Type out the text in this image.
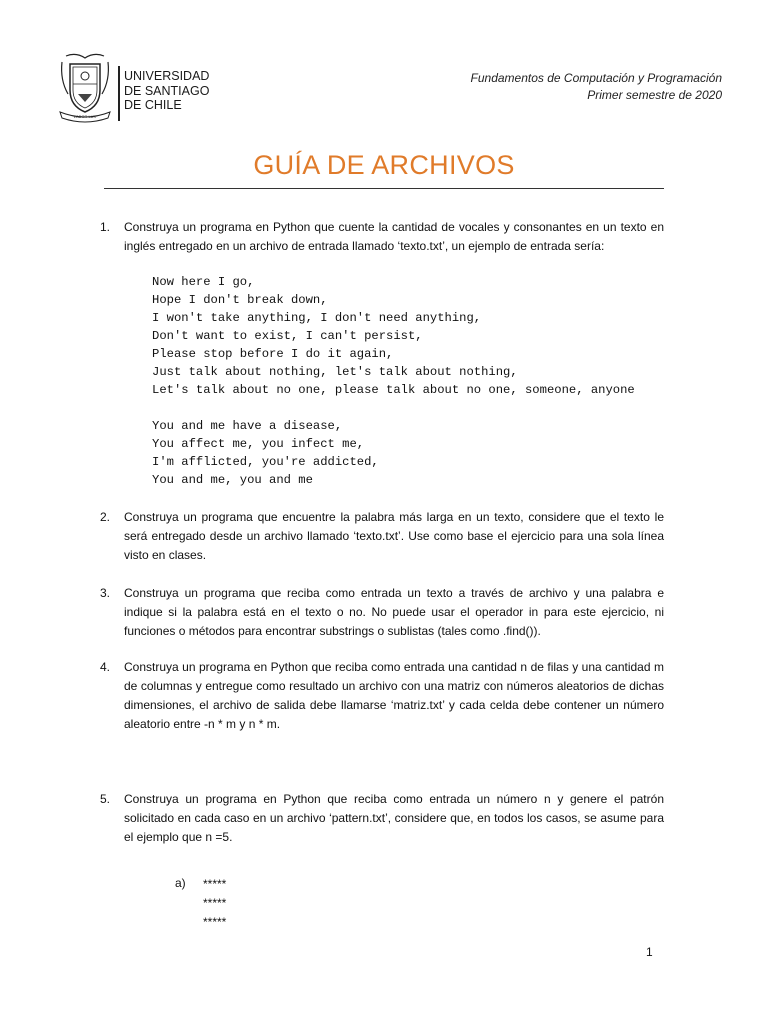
LABOR LUX
UNIVERSIDAD
DE SANTIAGO
DE CHILE
Fundamentos de Computación y Programación
Primer semestre de 2020
GUÍA DE ARCHIVOS
1. Construya un programa en Python que cuente la cantidad de vocales y consonantes en un texto en inglés entregado en un archivo de entrada llamado ‘texto.txt’, un ejemplo de entrada sería:
Now here I go,
Hope I don't break down,
I won't take anything, I don't need anything,
Don't want to exist, I can't persist,
Please stop before I do it again,
Just talk about nothing, let's talk about nothing,
Let's talk about no one, please talk about no one, someone, anyone
You and me have a disease,
You affect me, you infect me,
I'm afflicted, you're addicted,
You and me, you and me
2. Construya un programa que encuentre la palabra más larga en un texto, considere que el texto le será entregado desde un archivo llamado ‘texto.txt’. Use como base el ejercicio para una sola línea visto en clases.
3. Construya un programa que reciba como entrada un texto a través de archivo y una palabra e indique si la palabra está en el texto o no. No puede usar el operador in para este ejercicio, ni funciones o métodos para encontrar substrings o sublistas (tales como .find()).
4. Construya un programa en Python que reciba como entrada una cantidad n de filas y una cantidad m de columnas y entregue como resultado un archivo con una matriz con números aleatorios de dichas dimensiones, el archivo de salida debe llamarse ‘matriz.txt’ y cada celda debe contener un número aleatorio entre -n * m y n * m.
5. Construya un programa en Python que reciba como entrada un número n y genere el patrón solicitado en cada caso en un archivo ‘pattern.txt’, considere que, en todos los casos, se asume para el ejemplo que n =5.
a) *****
*****
*****
1
